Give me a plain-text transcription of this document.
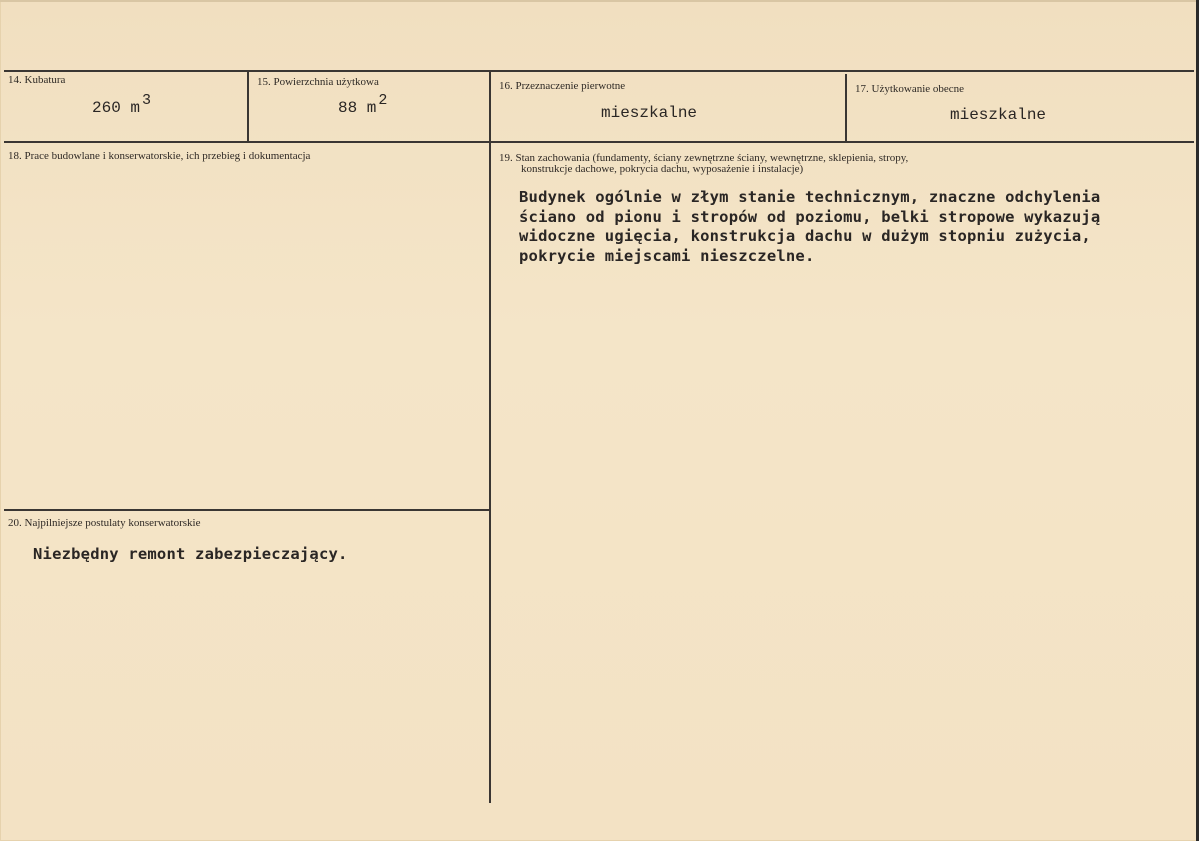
14. Kubatura
260 m 3
15. Powierzchnia użytkowa
88 m 2
16. Przeznaczenie pierwotne
mieszkalne
17. Użytkowanie obecne
mieszkalne
18. Prace budowlane i konserwatorskie, ich przebieg i dokumentacja	19. Stan zachowania (fundamenty, ściany zewnętrzne ściany, wewnętrzne, sklepienia, stropy,
konstrukcje dachowe, pokrycia dachu, wyposażenie i instalacje)
Budynek ogólnie w złym stanie technicznym, znaczne odchylenia
ściano od pionu i stropów od poziomu, belki stropowe wykazują
widoczne ugięcia, konstrukcja dachu w dużym stopniu zużycia,
pokrycie miejscami nieszczelne.
20. Najpilniejsze postulaty konserwatorskie
Niezbędny remont zabezpieczający.
